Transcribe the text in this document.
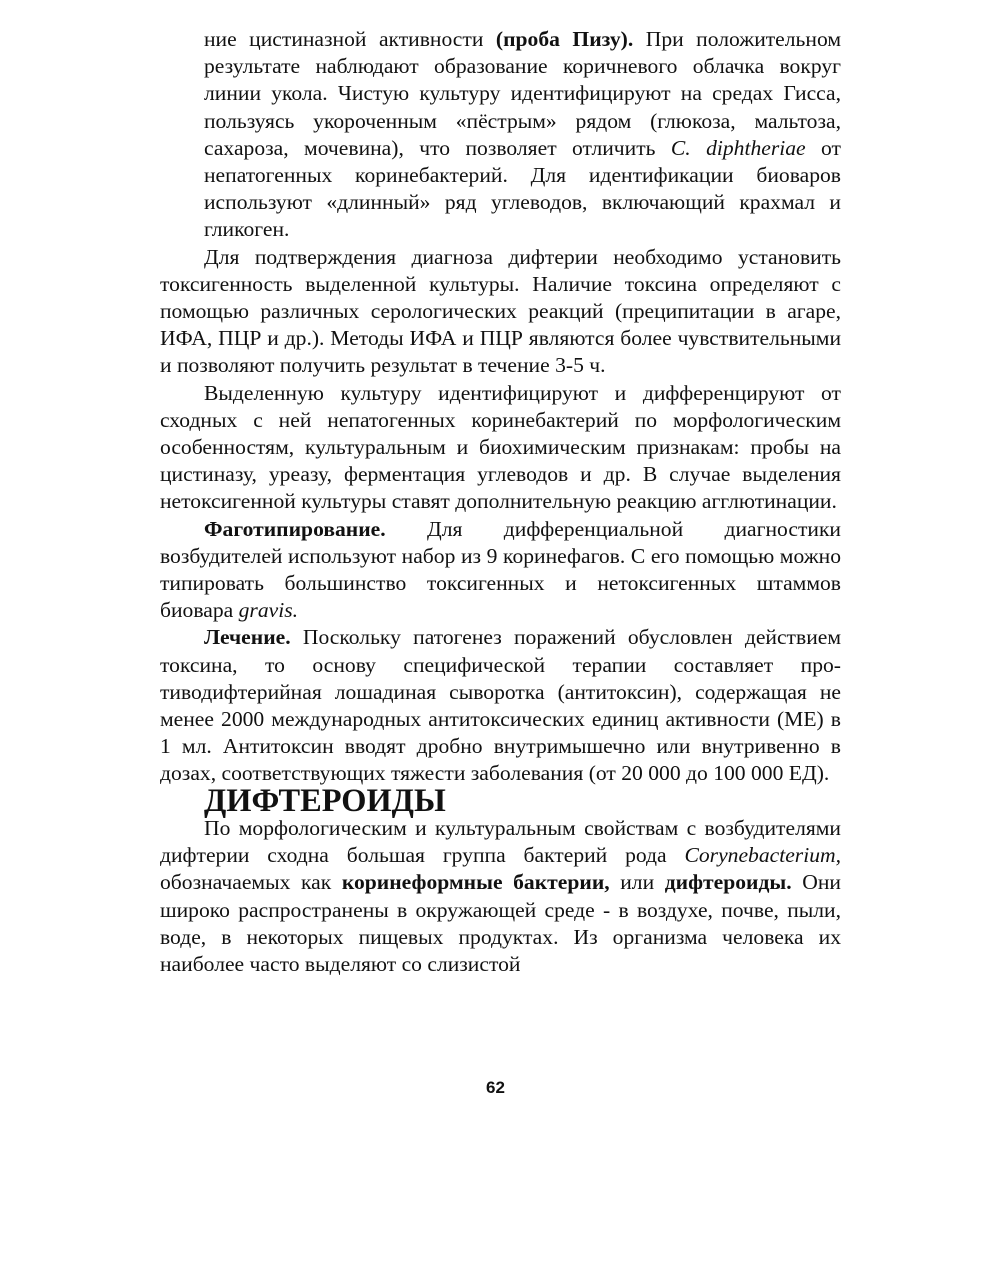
ние цистиназной активности (проба Пизу). При положительном результате наблюдают образование коричневого облачка вокруг линии укола. Чистую культуру идентифицируют на средах Гисса, пользуясь укороченным «пёстрым» рядом (глюкоза, мальтоза, сахароза, мочевина), что позволяет отличить C. diphtheriae от непатогенных коринебактерий. Для идентификации биоваров используют «длинный» ряд углеводов, включающий крахмал и гликоген.

Для подтверждения диагноза дифтерии необходимо установить токсигенность выделенной культуры. Наличие токсина определяют с помощью различных серологических реакций (преципитации в агаре, ИФА, ПЦР и др.). Методы ИФА и ПЦР являются более чувствительными и позволяют получить результат в течение 3-5 ч.

Выделенную культуру идентифицируют и дифференцируют от сходных с ней непатогенных коринебактерий по морфологическим особенностям, культуральным и биохимическим признакам: пробы на цистиназу, уреазу, ферментация углеводов и др. В случае выделения нетоксигенной культуры ставят дополнительную реакцию агглютинации.

Фаготипирование. Для дифференциальной диагностики возбудителей используют набор из 9 коринефагов. С его помощью можно типировать большинство токсигенных и нетоксигенных штаммов биовара gravis.

Лечение. Поскольку патогенез поражений обусловлен действием токсина, то основу специфической терапии составляет противодифтерийная лошадиная сыворотка (антитоксин), содержащая не менее 2000 международных антитоксических единиц активности (МЕ) в 1 мл. Антитоксин вводят дробно внутримышечно или внутривенно в дозах, соответствующих тяжести заболевания (от 20 000 до 100 000 ЕД).

ДИФТЕРОИДЫ

По морфологическим и культуральным свойствам с возбудителями дифтерии сходна большая группа бактерий рода Corynebacterium, обозначаемых как коринеформные бактерии, или дифтероиды. Они широко распространены в окружающей среде - в воздухе, почве, пыли, воде, в некоторых пищевых продуктах. Из организма человека их наиболее часто выделяют со слизистой

62
